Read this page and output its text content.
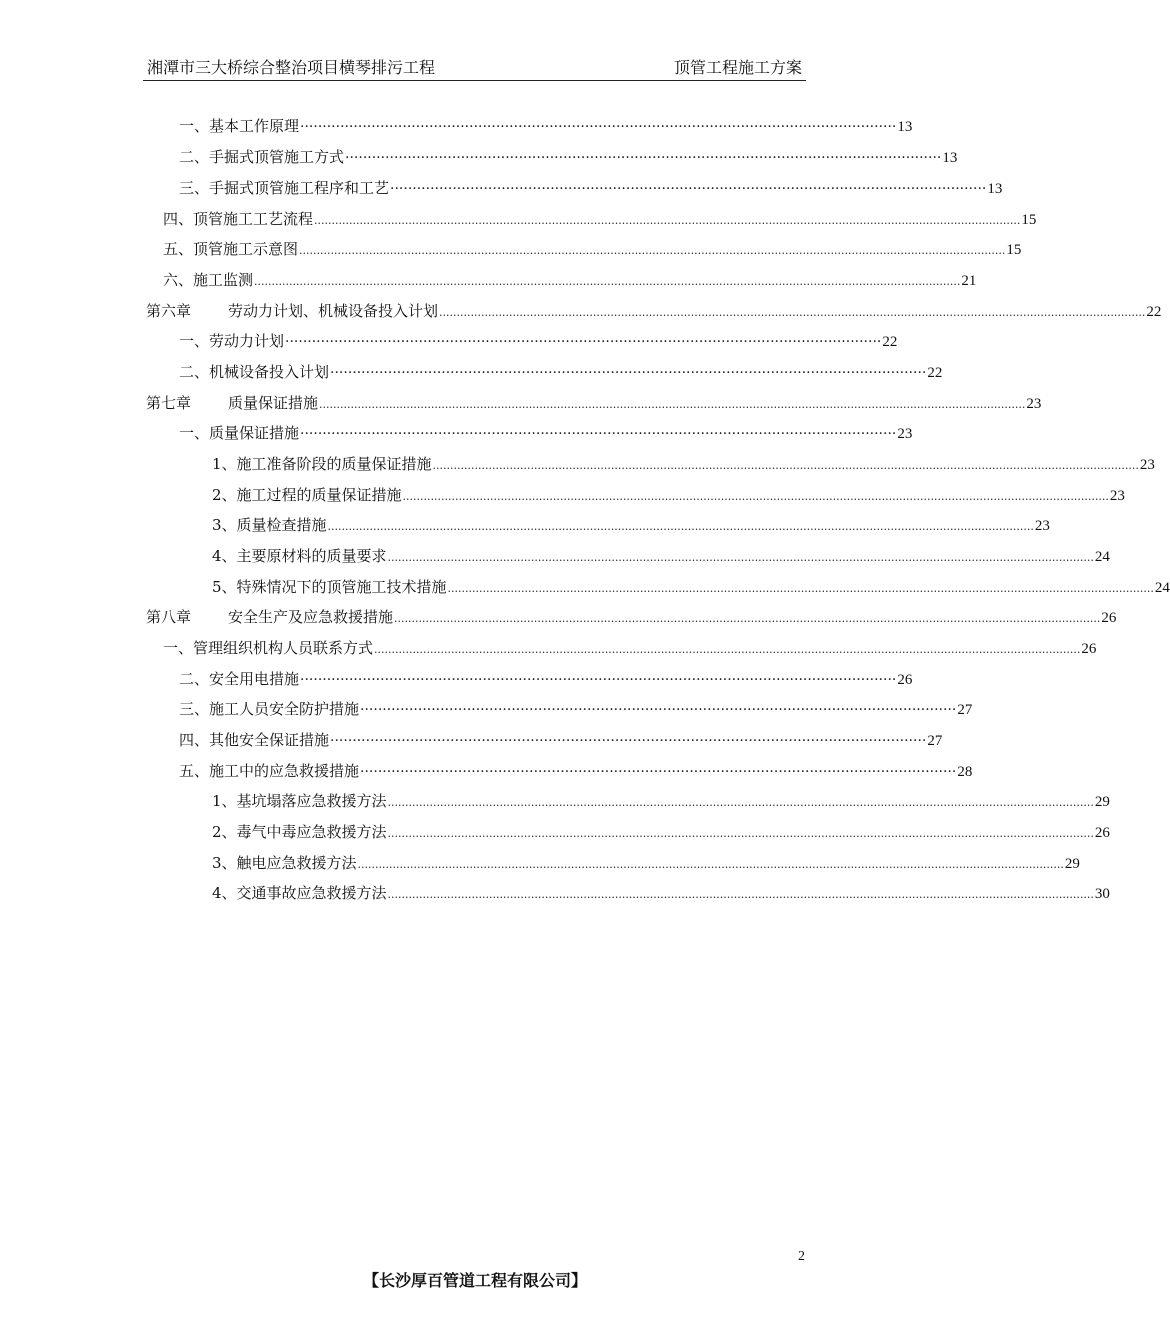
湘潭市三大桥综合整治项目横琴排污工程	顶管工程施工方案
一、基本工作原理 ······································································································································ 13
二、手掘式顶管施工方式 ······································································································································ 13
三、手掘式顶管施工程序和工艺 ······································································································································ 13
四、顶管施工工艺流程 .......................................................................................................................................................................................................... 15
五、顶管施工示意图 .......................................................................................................................................................................................................... 15
六、施工监测 .......................................................................................................................................................................................................... 21
第六章 劳动力计划、机械设备投入计划 .......................................................................................................................................................................................................... 22
一、劳动力计划 ······································································································································ 22
二、机械设备投入计划 ······································································································································ 22
第七章 质量保证措施 .......................................................................................................................................................................................................... 23
一、质量保证措施 ······································································································································ 23
1、施工准备阶段的质量保证措施 .......................................................................................................................................................................................................... 23
2、施工过程的质量保证措施 .......................................................................................................................................................................................................... 23
3、质量检查措施 .......................................................................................................................................................................................................... 23
4、主要原材料的质量要求 .......................................................................................................................................................................................................... 24
5、特殊情况下的顶管施工技术措施 .......................................................................................................................................................................................................... 24
第八章 安全生产及应急救援措施 .......................................................................................................................................................................................................... 26
一、管理组织机构人员联系方式 .......................................................................................................................................................................................................... 26
二、安全用电措施 ······································································································································ 26
三、施工人员安全防护措施 ······································································································································ 27
四、其他安全保证措施 ······································································································································ 27
五、施工中的应急救援措施 ······································································································································ 28
1、基坑塌落应急救援方法 .......................................................................................................................................................................................................... 29
2、毒气中毒应急救援方法 .......................................................................................................................................................................................................... 26
3、触电应急救援方法 .......................................................................................................................................................................................................... 29
4、交通事故应急救援方法 .......................................................................................................................................................................................................... 30
2
【长沙厚百管道工程有限公司】
